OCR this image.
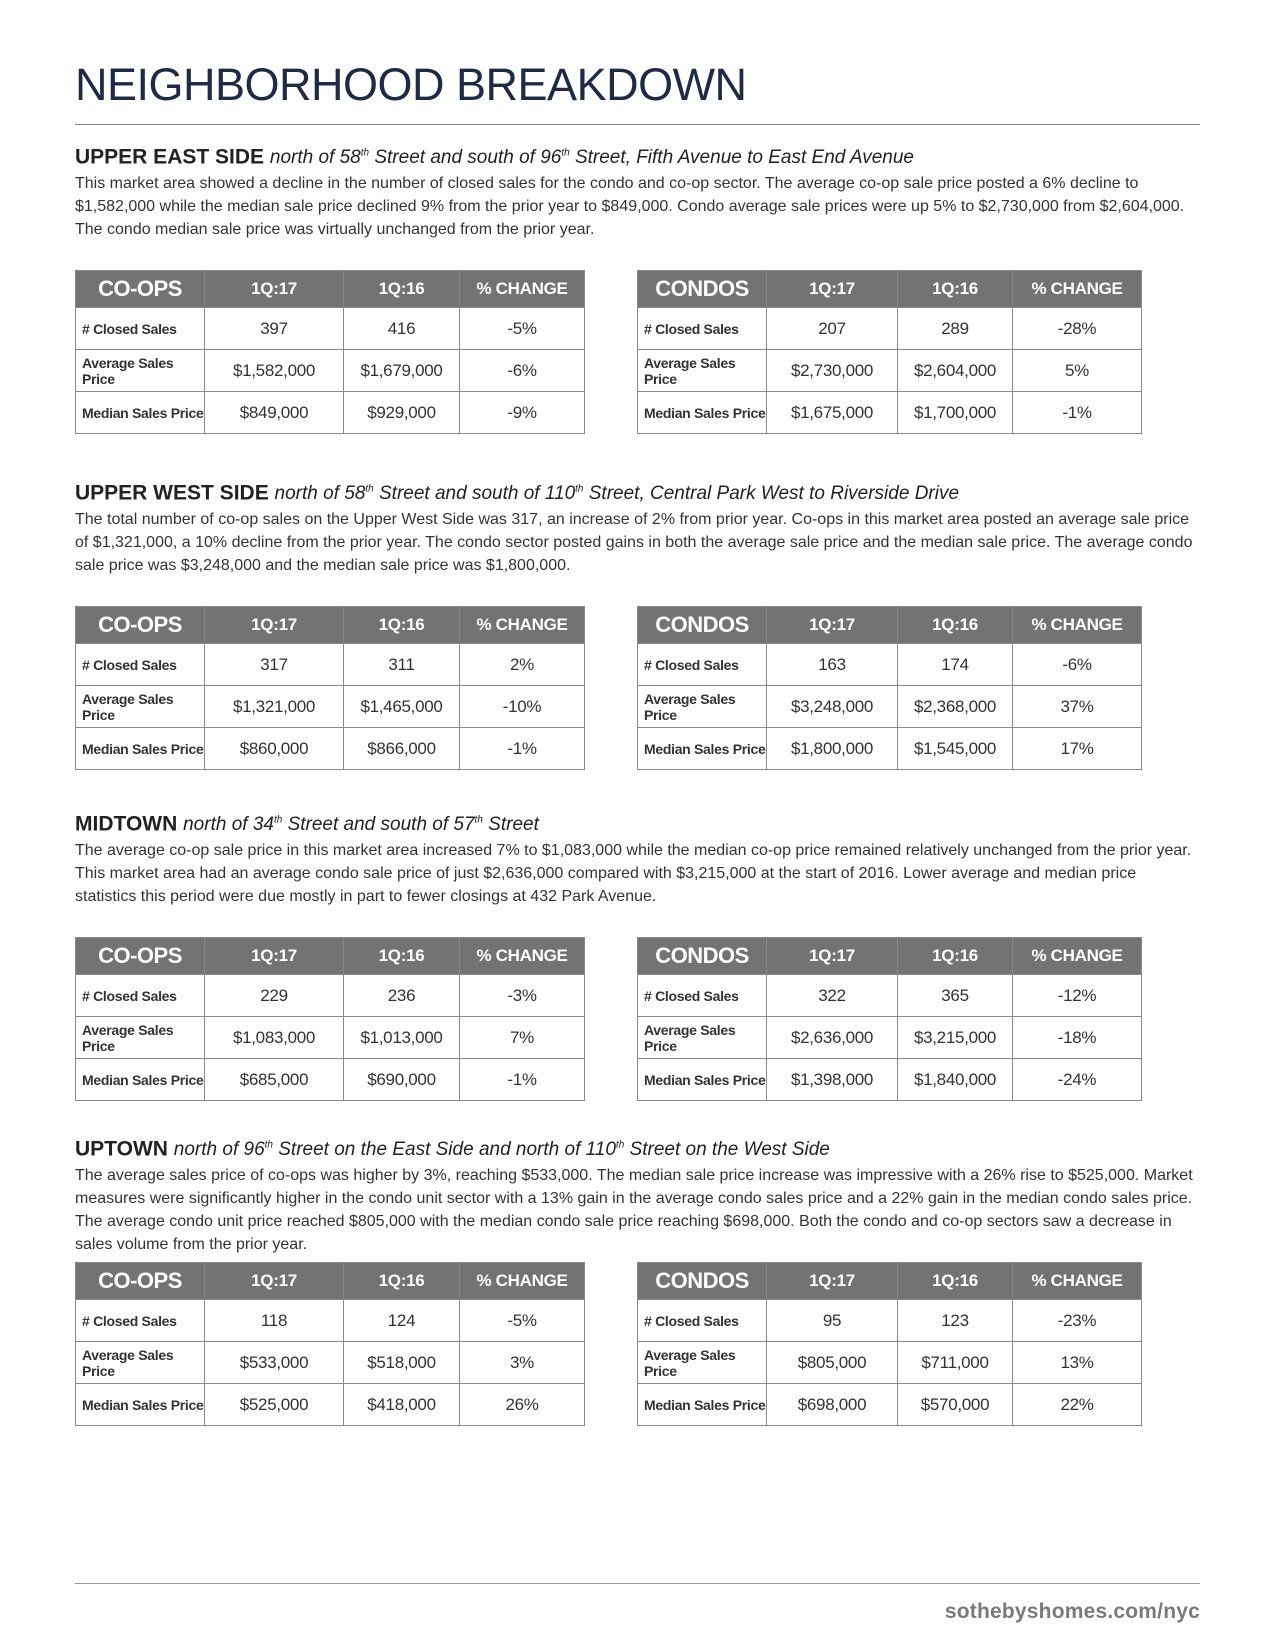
NEIGHBORHOOD BREAKDOWN
UPPER EAST SIDE north of 58th Street and south of 96th Street, Fifth Avenue to East End Avenue

This market area showed a decline in the number of closed sales for the condo and co-op sector. The average co-op sale price posted a 6% decline to $1,582,000 while the median sale price declined 9% from the prior year to $849,000. Condo average sale prices were up 5% to $2,730,000 from $2,604,000. The condo median sale price was virtually unchanged from the prior year.

CO-OPS	1Q:17	1Q:16	% CHANGE
# Closed Sales	397	416	-5%
Average Sales Price	$1,582,000	$1,679,000	-6%
Median Sales Price	$849,000	$929,000	-9%
CONDOS	1Q:17	1Q:16	% CHANGE
# Closed Sales	207	289	-28%
Average Sales Price	$2,730,000	$2,604,000	5%
Median Sales Price	$1,675,000	$1,700,000	-1%
UPPER WEST SIDE north of 58th Street and south of 110th Street, Central Park West to Riverside Drive

The total number of co-op sales on the Upper West Side was 317, an increase of 2% from prior year. Co-ops in this market area posted an average sale price of $1,321,000, a 10% decline from the prior year. The condo sector posted gains in both the average sale price and the median sale price. The average condo sale price was $3,248,000 and the median sale price was $1,800,000.

CO-OPS	1Q:17	1Q:16	% CHANGE
# Closed Sales	317	311	2%
Average Sales Price	$1,321,000	$1,465,000	-10%
Median Sales Price	$860,000	$866,000	-1%
CONDOS	1Q:17	1Q:16	% CHANGE
# Closed Sales	163	174	-6%
Average Sales Price	$3,248,000	$2,368,000	37%
Median Sales Price	$1,800,000	$1,545,000	17%
MIDTOWN north of 34th Street and south of 57th Street

The average co-op sale price in this market area increased 7% to $1,083,000 while the median co-op price remained relatively unchanged from the prior year. This market area had an average condo sale price of just $2,636,000 compared with $3,215,000 at the start of 2016. Lower average and median price statistics this period were due mostly in part to fewer closings at 432 Park Avenue.

CO-OPS	1Q:17	1Q:16	% CHANGE
# Closed Sales	229	236	-3%
Average Sales Price	$1,083,000	$1,013,000	7%
Median Sales Price	$685,000	$690,000	-1%
CONDOS	1Q:17	1Q:16	% CHANGE
# Closed Sales	322	365	-12%
Average Sales Price	$2,636,000	$3,215,000	-18%
Median Sales Price	$1,398,000	$1,840,000	-24%
UPTOWN north of 96th Street on the East Side and north of 110th Street on the West Side

The average sales price of co-ops was higher by 3%, reaching $533,000. The median sale price increase was impressive with a 26% rise to $525,000. Market measures were significantly higher in the condo unit sector with a 13% gain in the average condo sales price and a 22% gain in the median condo sales price. The average condo unit price reached $805,000 with the median condo sale price reaching $698,000. Both the condo and co-op sectors saw a decrease in sales volume from the prior year.

CO-OPS	1Q:17	1Q:16	% CHANGE
# Closed Sales	118	124	-5%
Average Sales Price	$533,000	$518,000	3%
Median Sales Price	$525,000	$418,000	26%
CONDOS	1Q:17	1Q:16	% CHANGE
# Closed Sales	95	123	-23%
Average Sales Price	$805,000	$711,000	13%
Median Sales Price	$698,000	$570,000	22%
sothebyshomes.com/nyc
